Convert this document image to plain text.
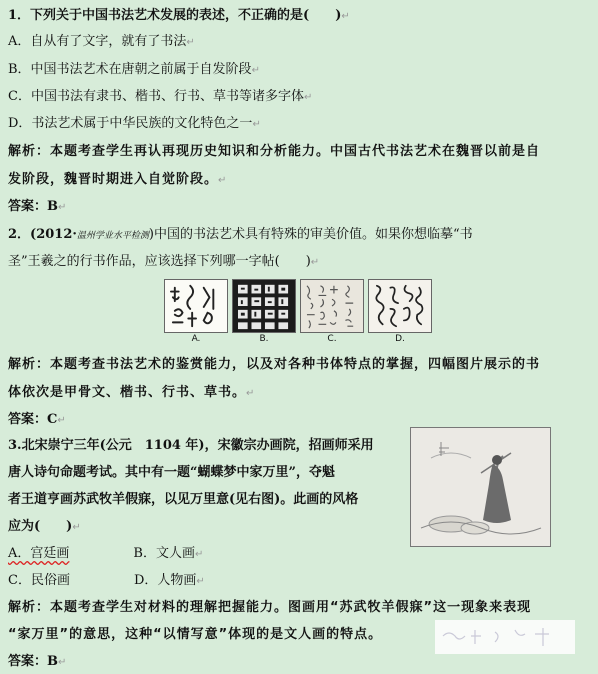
1．下列关于中国书法艺术发展的表述，不正确的是(　　)↵
A．自从有了文字，就有了书法↵
B．中国书法艺术在唐朝之前属于自发阶段↵
C．中国书法有隶书、楷书、行书、草书等诸多字体↵
D．书法艺术属于中华民族的文化特色之一↵
解析：本题考查学生再认再现历史知识和分析能力。中国古代书法艺术在魏晋以前是自
发阶段，魏晋时期进入自觉阶段。↵
答案：B↵
2．(2012·温州学业水平检测)中国的书法艺术具有特殊的审美价值。如果你想临摹“书
圣”王羲之的行书作品，应该选择下列哪一字帖(　　)↵
A.	B.	C.	D.
解析：本题考查书法艺术的鉴赏能力，以及对各种书体特点的掌握，四幅图片展示的书
体依次是甲骨文、楷书、行书、草书。↵
答案：C↵
3.北宋崇宁三年(公元　1104 年)，宋徽宗办画院，招画师采用
唐人诗句命题考试。其中有一题“蝴蝶梦中家万里”，夺魁
者王道亨画苏武牧羊假寐，以见万里意(见右图)。此画的风格
应为(　　)↵
A．宫廷画	B．文人画↵
C．民俗画	D．人物画↵
解析：本题考查学生对材料的理解把握能力。图画用“苏武牧羊假寐”这一现象来表现
“家万里”的意思，这种“以情写意”体现的是文人画的特点。
答案：B↵
